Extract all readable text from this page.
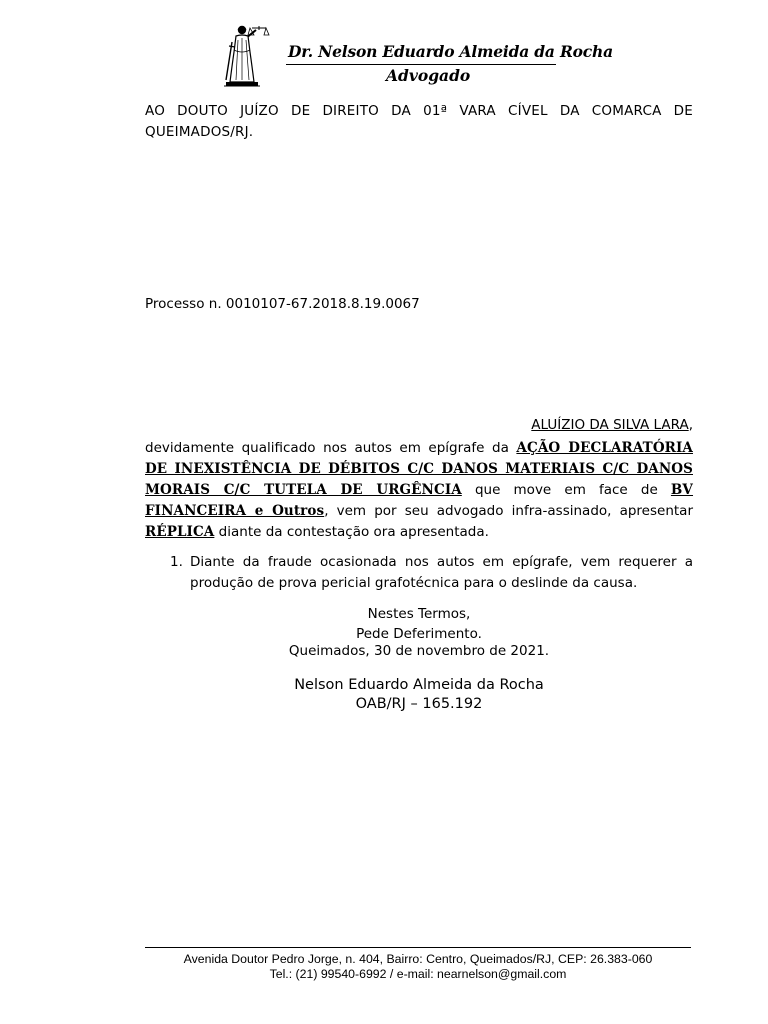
Dr. Nelson Eduardo Almeida da Rocha
Advogado
AO DOUTO JUÍZO DE DIREITO DA 01ª VARA CÍVEL DA COMARCA DE QUEIMADOS/RJ.
Processo n. 0010107-67.2018.8.19.0067
ALUÍZIO DA SILVA LARA,
devidamente qualificado nos autos em epígrafe da AÇÃO DECLARATÓRIA DE INEXISTÊNCIA DE DÉBITOS C/C DANOS MATERIAIS C/C DANOS MORAIS C/C TUTELA DE URGÊNCIA que move em face de BV FINANCEIRA e Outros, vem por seu advogado infra-assinado, apresentar RÉPLICA diante da contestação ora apresentada.
1. Diante da fraude ocasionada nos autos em epígrafe, vem requerer a produção de prova pericial grafotécnica para o deslinde da causa.
Nestes Termos,
Pede Deferimento.
Queimados, 30 de novembro de 2021.
Nelson Eduardo Almeida da Rocha
OAB/RJ – 165.192
Avenida Doutor Pedro Jorge, n. 404, Bairro: Centro, Queimados/RJ, CEP: 26.383-060
Tel.: (21) 99540-6992 / e-mail: nearnelson@gmail.com
